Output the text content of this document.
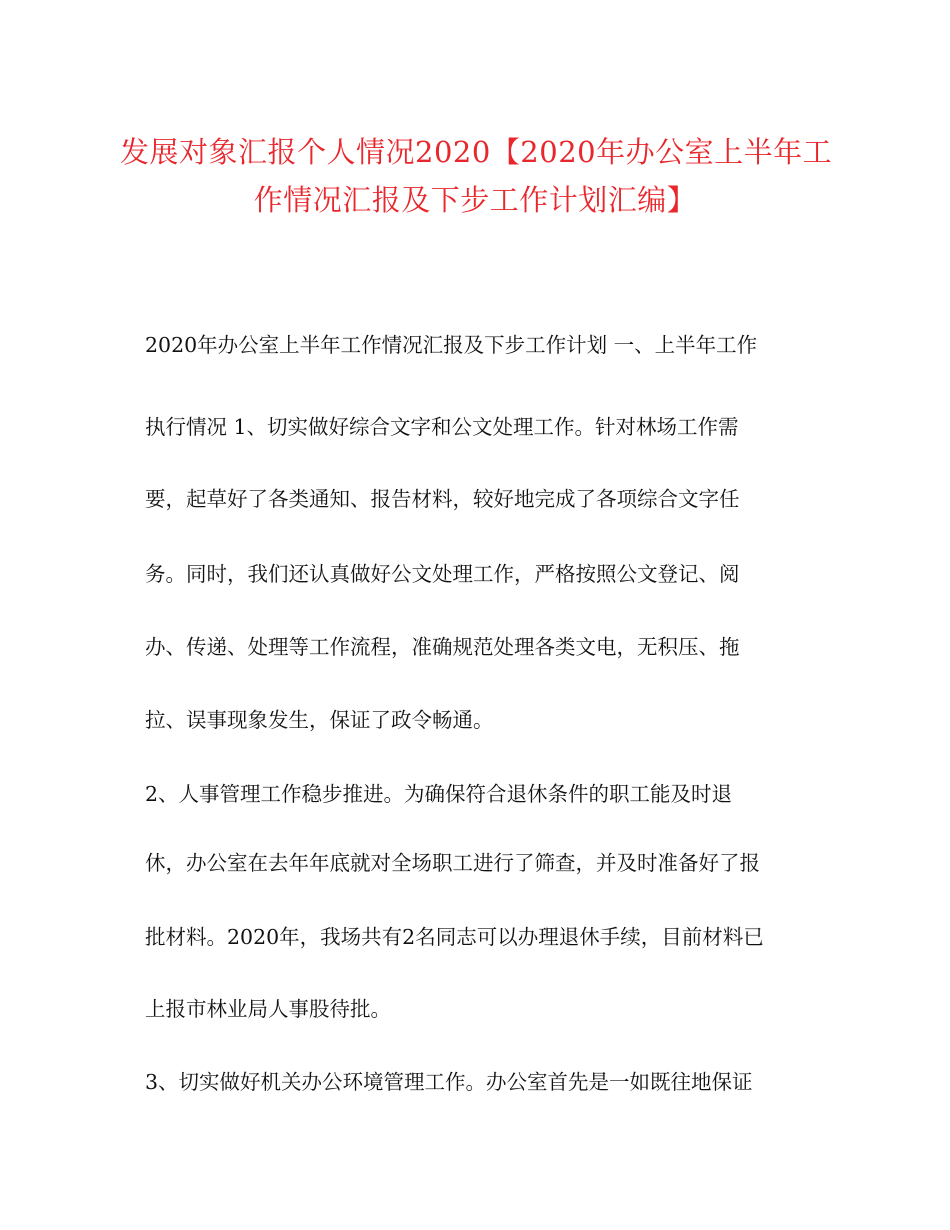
发展对象汇报个人情况2020【2020年办公室上半年工
作情况汇报及下步工作计划汇编】
2020年办公室上半年工作情况汇报及下步工作计划 一、上半年工作
执行情况 1、切实做好综合文字和公文处理工作。针对林场工作需
要，起草好了各类通知、报告材料，较好地完成了各项综合文字任
务。同时，我们还认真做好公文处理工作，严格按照公文登记、阅
办、传递、处理等工作流程，准确规范处理各类文电，无积压、拖
拉、误事现象发生，保证了政令畅通。
2、人事管理工作稳步推进。为确保符合退休条件的职工能及时退
休，办公室在去年年底就对全场职工进行了筛查，并及时准备好了报
批材料。2020年，我场共有2名同志可以办理退休手续，目前材料已
上报市林业局人事股待批。
3、切实做好机关办公环境管理工作。办公室首先是一如既往地保证
